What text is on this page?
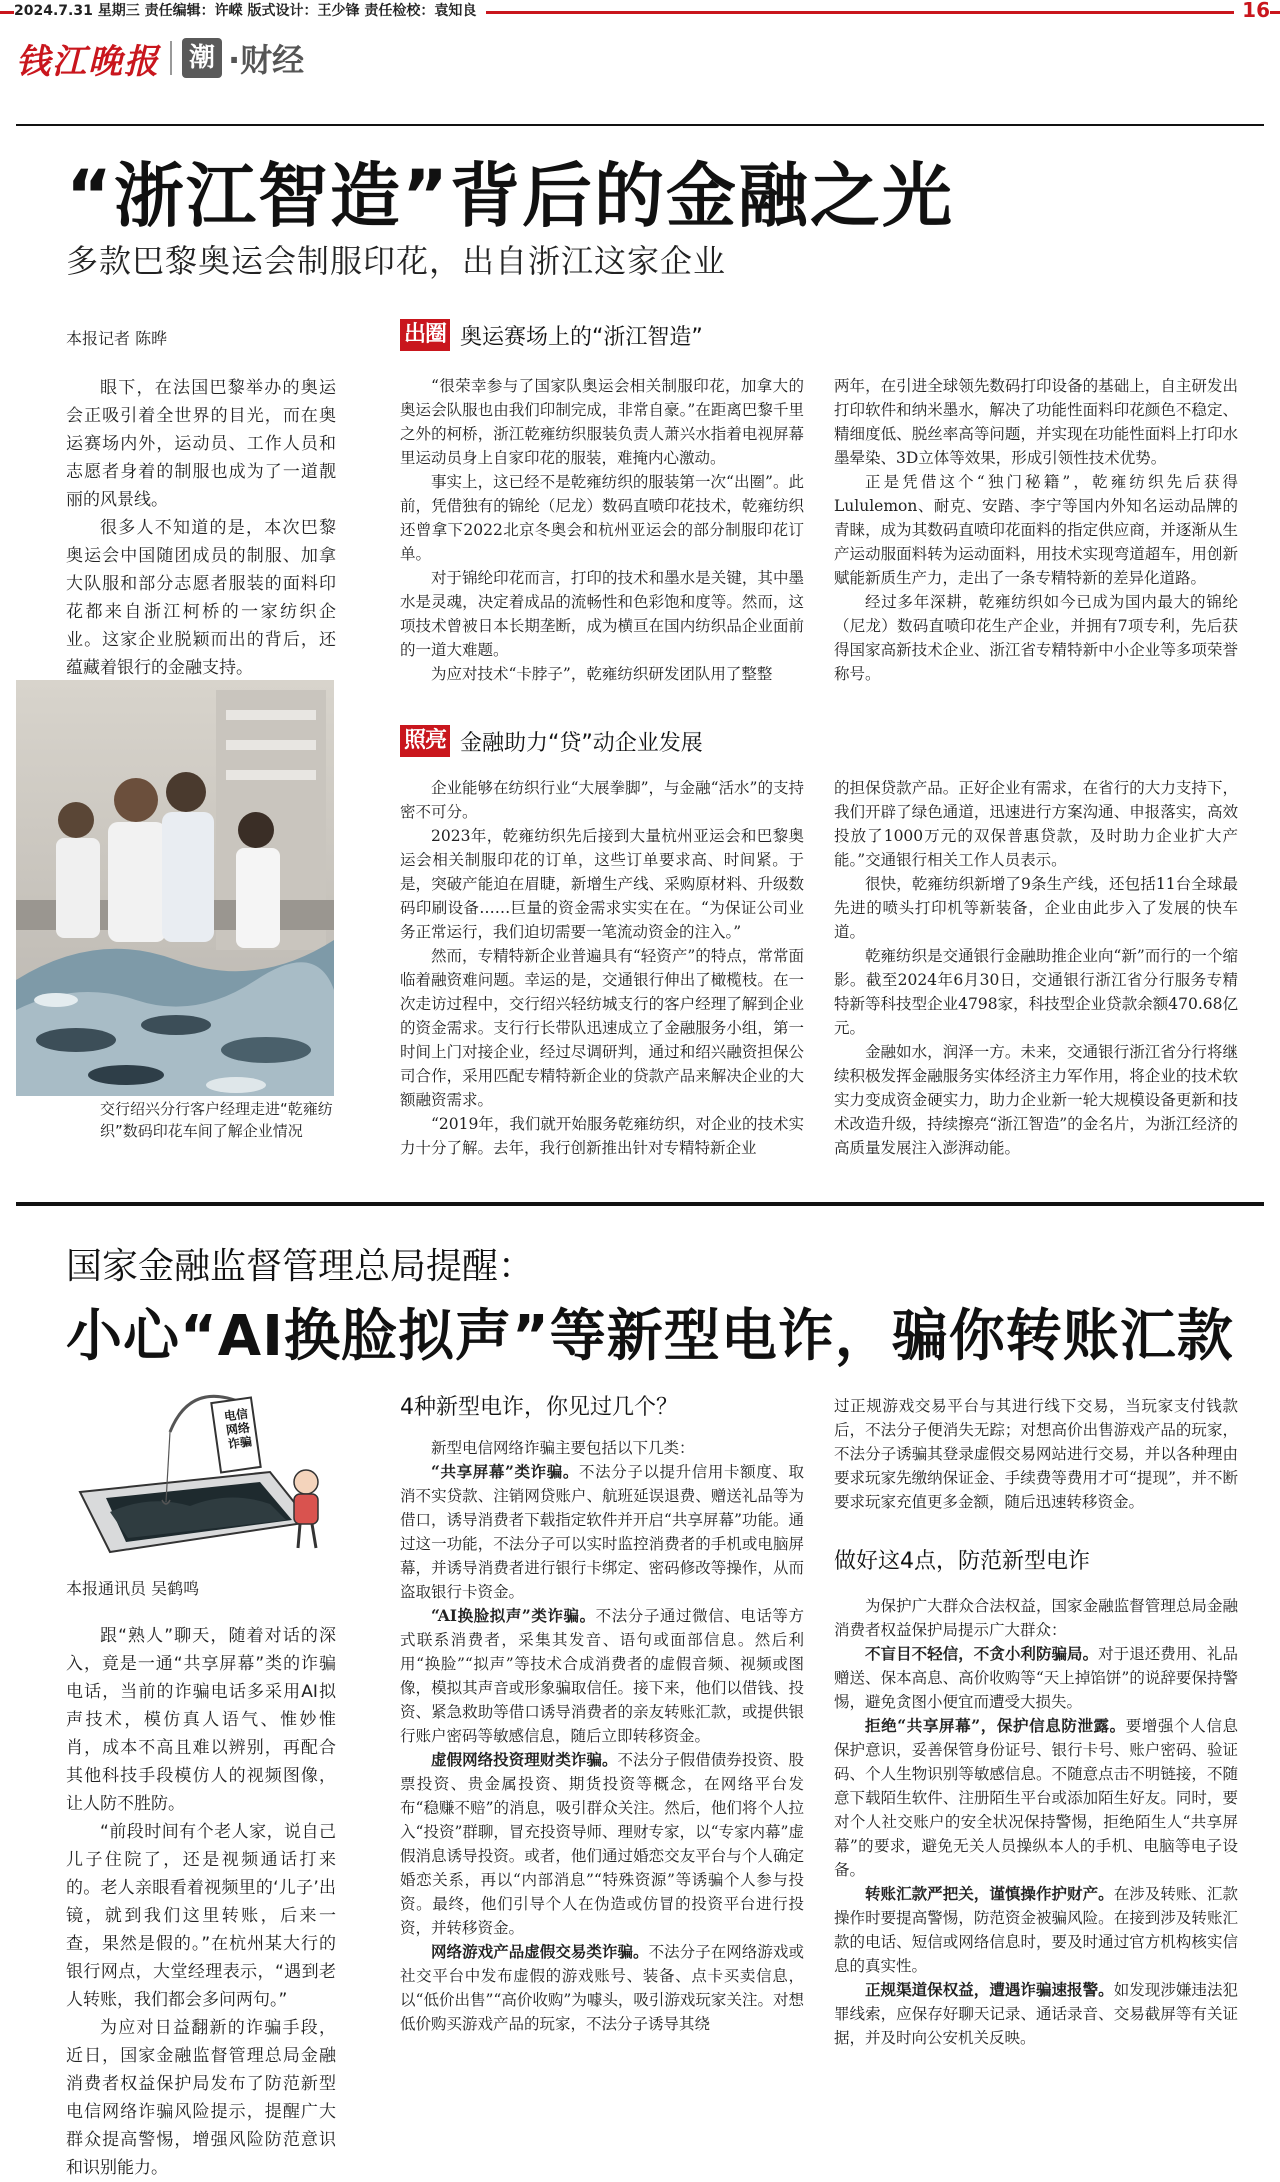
2024.7.31 星期三 责任编辑：许嵘 版式设计：王少锋 责任检校：袁知良	16
钱江晚报 潮 ·财经
“浙江智造”背后的金融之光
多款巴黎奥运会制服印花，出自浙江这家企业
本报记者 陈晔

眼下，在法国巴黎举办的奥运会正吸引着全世界的目光，而在奥运赛场内外，运动员、工作人员和志愿者身着的制服也成为了一道靓丽的风景线。

很多人不知道的是，本次巴黎奥运会中国随团成员的制服、加拿大队服和部分志愿者服装的面料印花都来自浙江柯桥的一家纺织企业。这家企业脱颖而出的背后，还蕴藏着银行的金融支持。

交行绍兴分行客户经理走进“乾雍纺织”数码印花车间了解企业情况
出圈 奥运赛场上的“浙江智造”

“很荣幸参与了国家队奥运会相关制服印花，加拿大的奥运会队服也由我们印制完成，非常自豪。”在距离巴黎千里之外的柯桥，浙江乾雍纺织服装负责人萧兴水指着电视屏幕里运动员身上自家印花的服装，难掩内心激动。

事实上，这已经不是乾雍纺织的服装第一次“出圈”。此前，凭借独有的锦纶（尼龙）数码直喷印花技术，乾雍纺织还曾拿下2022北京冬奥会和杭州亚运会的部分制服印花订单。

对于锦纶印花而言，打印的技术和墨水是关键，其中墨水是灵魂，决定着成品的流畅性和色彩饱和度等。然而，这项技术曾被日本长期垄断，成为横亘在国内纺织品企业面前的一道大难题。

为应对技术“卡脖子”，乾雍纺织研发团队用了整整

两年，在引进全球领先数码打印设备的基础上，自主研发出打印软件和纳米墨水，解决了功能性面料印花颜色不稳定、精细度低、脱丝率高等问题，并实现在功能性面料上打印水墨晕染、3D立体等效果，形成引领性技术优势。

正是凭借这个“独门秘籍”，乾雍纺织先后获得Lululemon、耐克、安踏、李宁等国内外知名运动品牌的青睐，成为其数码直喷印花面料的指定供应商，并逐渐从生产运动服面料转为运动面料，用技术实现弯道超车，用创新赋能新质生产力，走出了一条专精特新的差异化道路。

经过多年深耕，乾雍纺织如今已成为国内最大的锦纶（尼龙）数码直喷印花生产企业，并拥有7项专利，先后获得国家高新技术企业、浙江省专精特新中小企业等多项荣誉称号。

照亮 金融助力“贷”动企业发展

企业能够在纺织行业“大展拳脚”，与金融“活水”的支持密不可分。

2023年，乾雍纺织先后接到大量杭州亚运会和巴黎奥运会相关制服印花的订单，这些订单要求高、时间紧。于是，突破产能迫在眉睫，新增生产线、采购原材料、升级数码印刷设备……巨量的资金需求实实在在。“为保证公司业务正常运行，我们迫切需要一笔流动资金的注入。”

然而，专精特新企业普遍具有“轻资产”的特点，常常面临着融资难问题。幸运的是，交通银行伸出了橄榄枝。在一次走访过程中，交行绍兴轻纺城支行的客户经理了解到企业的资金需求。支行行长带队迅速成立了金融服务小组，第一时间上门对接企业，经过尽调研判，通过和绍兴融资担保公司合作，采用匹配专精特新企业的贷款产品来解决企业的大额融资需求。

“2019年，我们就开始服务乾雍纺织，对企业的技术实力十分了解。去年，我行创新推出针对专精特新企业

的担保贷款产品。正好企业有需求，在省行的大力支持下，我们开辟了绿色通道，迅速进行方案沟通、申报落实，高效投放了1000万元的双保普惠贷款，及时助力企业扩大产能。”交通银行相关工作人员表示。

很快，乾雍纺织新增了9条生产线，还包括11台全球最先进的喷头打印机等新装备，企业由此步入了发展的快车道。

乾雍纺织是交通银行金融助推企业向“新”而行的一个缩影。截至2024年6月30日，交通银行浙江省分行服务专精特新等科技型企业4798家，科技型企业贷款余额470.68亿元。

金融如水，润泽一方。未来，交通银行浙江省分行将继续积极发挥金融服务实体经济主力军作用，将企业的技术软实力变成资金硬实力，助力企业新一轮大规模设备更新和技术改造升级，持续擦亮“浙江智造”的金名片，为浙江经济的高质量发展注入澎湃动能。

国家金融监督管理总局提醒：
小心“AI换脸拟声”等新型电诈，骗你转账汇款
电信网络诈骗
本报通讯员 吴鹤鸣

跟“熟人”聊天，随着对话的深入，竟是一通“共享屏幕”类的诈骗电话，当前的诈骗电话多采用AI拟声技术，模仿真人语气、惟妙惟肖，成本不高且难以辨别，再配合其他科技手段模仿人的视频图像，让人防不胜防。

“前段时间有个老人家，说自己儿子住院了，还是视频通话打来的。老人亲眼看着视频里的‘儿子’出镜，就到我们这里转账，后来一查，果然是假的。”在杭州某大行的银行网点，大堂经理表示，“遇到老人转账，我们都会多问两句。”

为应对日益翻新的诈骗手段，近日，国家金融监督管理总局金融消费者权益保护局发布了防范新型电信网络诈骗风险提示，提醒广大群众提高警惕，增强风险防范意识和识别能力。

4种新型电诈，你见过几个？

新型电信网络诈骗主要包括以下几类：

“共享屏幕”类诈骗。不法分子以提升信用卡额度、取消不实贷款、注销网贷账户、航班延误退费、赠送礼品等为借口，诱导消费者下载指定软件并开启“共享屏幕”功能。通过这一功能，不法分子可以实时监控消费者的手机或电脑屏幕，并诱导消费者进行银行卡绑定、密码修改等操作，从而盗取银行卡资金。

“AI换脸拟声”类诈骗。不法分子通过微信、电话等方式联系消费者，采集其发音、语句或面部信息。然后利用“换脸”“拟声”等技术合成消费者的虚假音频、视频或图像，模拟其声音或形象骗取信任。接下来，他们以借钱、投资、紧急救助等借口诱导消费者的亲友转账汇款，或提供银行账户密码等敏感信息，随后立即转移资金。

虚假网络投资理财类诈骗。不法分子假借债券投资、股票投资、贵金属投资、期货投资等概念，在网络平台发布“稳赚不赔”的消息，吸引群众关注。然后，他们将个人拉入“投资”群聊，冒充投资导师、理财专家，以“专家内幕”虚假消息诱导投资。或者，他们通过婚恋交友平台与个人确定婚恋关系，再以“内部消息”“特殊资源”等诱骗个人参与投资。最终，他们引导个人在伪造或仿冒的投资平台进行投资，并转移资金。

网络游戏产品虚假交易类诈骗。不法分子在网络游戏或社交平台中发布虚假的游戏账号、装备、点卡买卖信息，以“低价出售”“高价收购”为噱头，吸引游戏玩家关注。对想低价购买游戏产品的玩家，不法分子诱导其绕

过正规游戏交易平台与其进行线下交易，当玩家支付钱款后，不法分子便消失无踪；对想高价出售游戏产品的玩家，不法分子诱骗其登录虚假交易网站进行交易，并以各种理由要求玩家先缴纳保证金、手续费等费用才可“提现”，并不断要求玩家充值更多金额，随后迅速转移资金。

做好这4点，防范新型电诈

为保护广大群众合法权益，国家金融监督管理总局金融消费者权益保护局提示广大群众：

不盲目不轻信，不贪小利防骗局。对于退还费用、礼品赠送、保本高息、高价收购等“天上掉馅饼”的说辞要保持警惕，避免贪图小便宜而遭受大损失。

拒绝“共享屏幕”，保护信息防泄露。要增强个人信息保护意识，妥善保管身份证号、银行卡号、账户密码、验证码、个人生物识别等敏感信息。不随意点击不明链接，不随意下载陌生软件、注册陌生平台或添加陌生好友。同时，要对个人社交账户的安全状况保持警惕，拒绝陌生人“共享屏幕”的要求，避免无关人员操纵本人的手机、电脑等电子设备。

转账汇款严把关，谨慎操作护财产。在涉及转账、汇款操作时要提高警惕，防范资金被骗风险。在接到涉及转账汇款的电话、短信或网络信息时，要及时通过官方机构核实信息的真实性。

正规渠道保权益，遭遇诈骗速报警。如发现涉嫌违法犯罪线索，应保存好聊天记录、通话录音、交易截屏等有关证据，并及时向公安机关反映。
